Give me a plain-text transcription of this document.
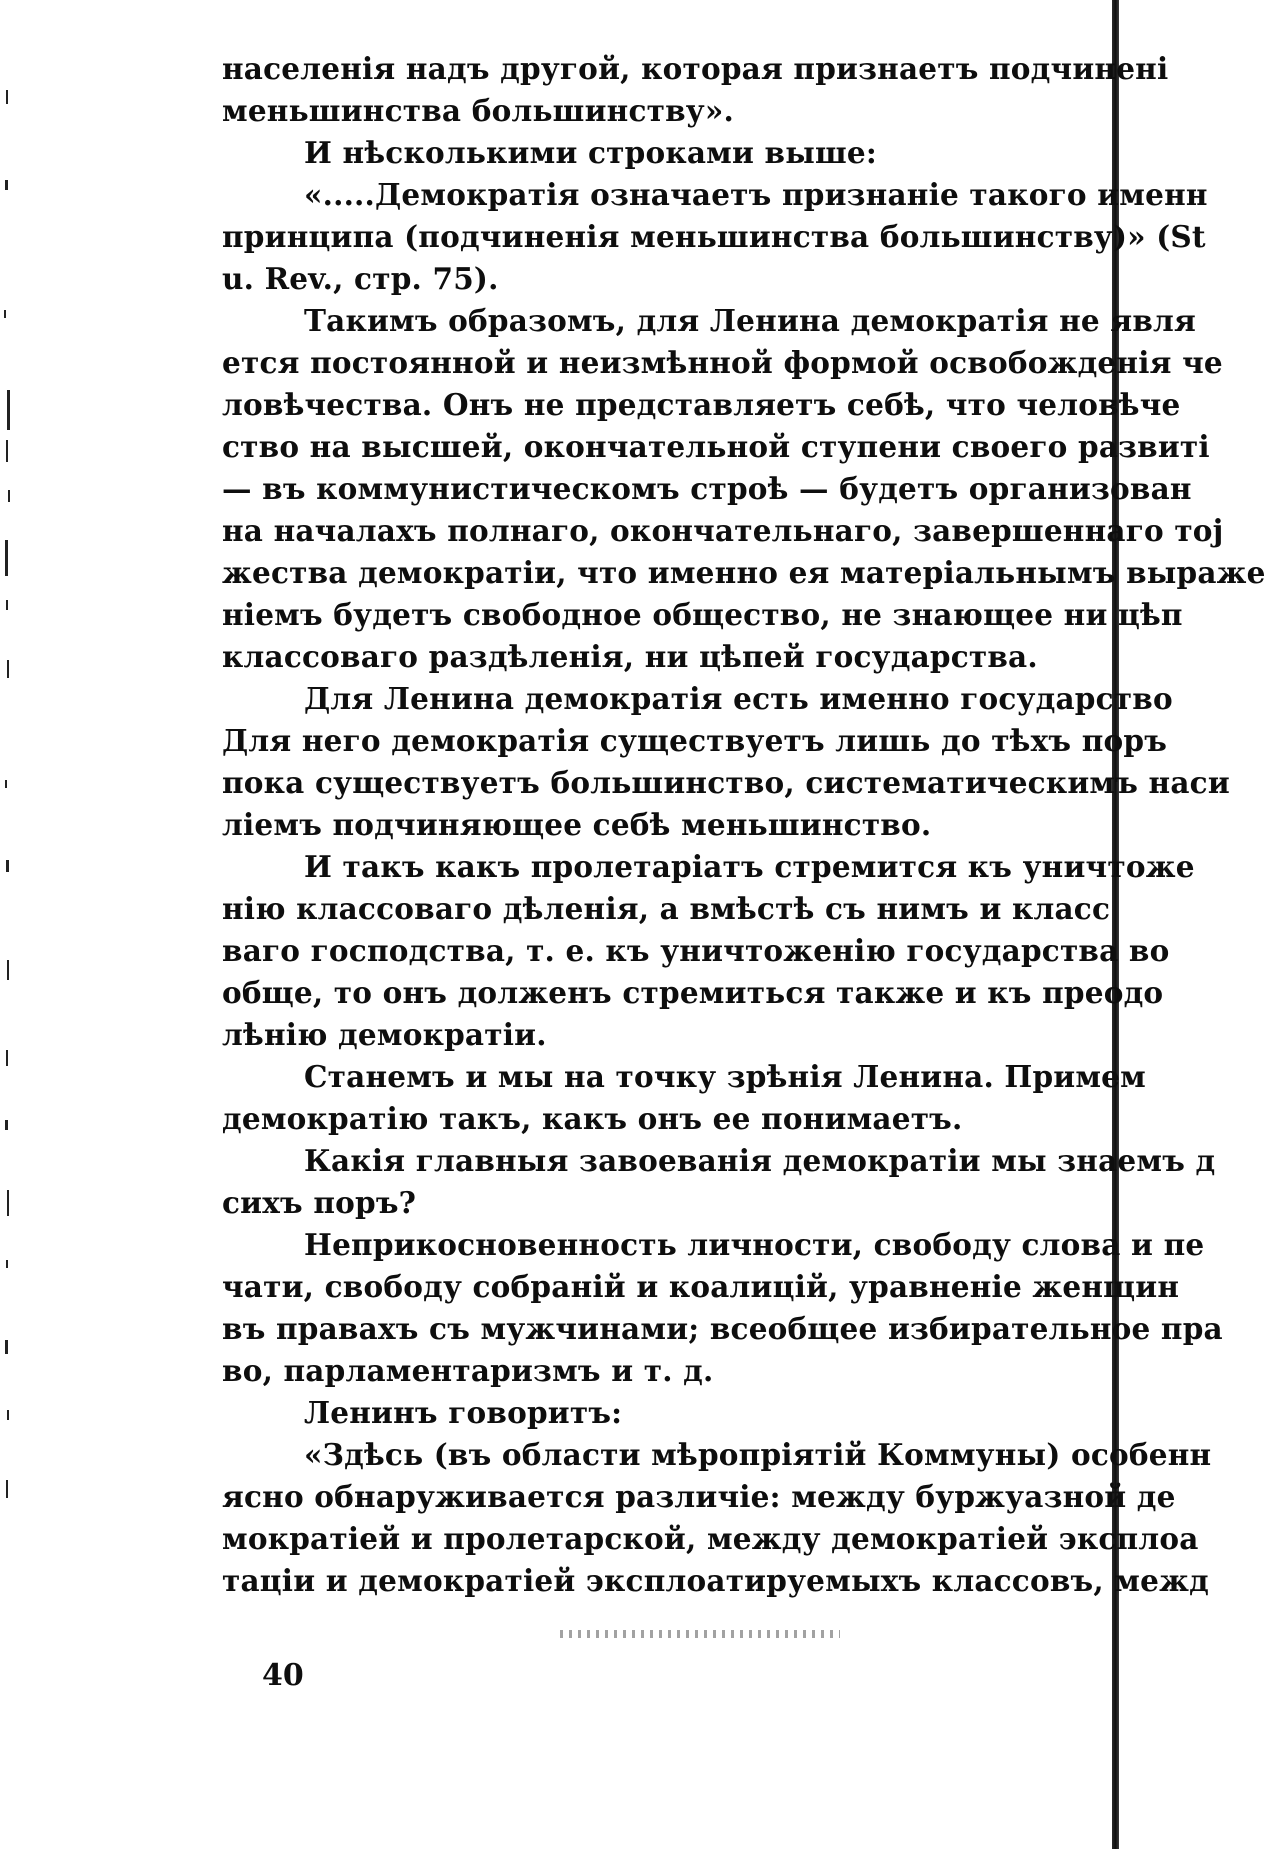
населенія надъ другой, которая признаетъ подчинені
меньшинства большинству».
И нѣсколькими строками выше:
«.....Демократія означаетъ признаніе такого именн
принципа (подчиненія меньшинства большинству)» (St
u. Rev., стр. 75).
Такимъ образомъ, для Ленина демократія не явля
ется постоянной и неизмѣнной формой освобожденія че
ловѣчества. Онъ не представляетъ себѣ, что человѣче
ство на высшей, окончательной ступени своего развиті
— въ коммунистическомъ строѣ — будетъ организован
на началахъ полнаго, окончательнаго, завершеннаго тој
жества демократіи, что именно ея матеріальнымъ выраже
ніемъ будетъ свободное общество, не знающее ни цѣп
классоваго раздѣленія, ни цѣпей государства.
Для Ленина демократія есть именно государство
Для него демократія существуетъ лишь до тѣхъ поръ
пока существуетъ большинство, систематическимъ наси
ліемъ подчиняющее себѣ меньшинство.
И такъ какъ пролетаріатъ стремится къ уничтоже
нію классоваго дѣленія, а вмѣстѣ съ нимъ и класс
ваго господства, т. е. къ уничтоженію государства во
обще, то онъ долженъ стремиться также и къ преодо
лѣнію демократіи.
Станемъ и мы на точку зрѣнія Ленина. Примем
демократію такъ, какъ онъ ее понимаетъ.
Какія главныя завоеванія демократіи мы знаемъ д
сихъ поръ?
Неприкосновенность личности, свободу слова и пе
чати, свободу собраній и коалицій, уравненіе женщин
въ правахъ съ мужчинами; всеобщее избирательное пра
во, парламентаризмъ и т. д.
Ленинъ говоритъ:
«Здѣсь (въ области мѣропріятій Коммуны) особенн
ясно обнаруживается различіе: между буржуазной де
мократіей и пролетарской, между демократіей эксплоа
таціи и демократіей эксплоатируемыхъ классовъ, межд
40
